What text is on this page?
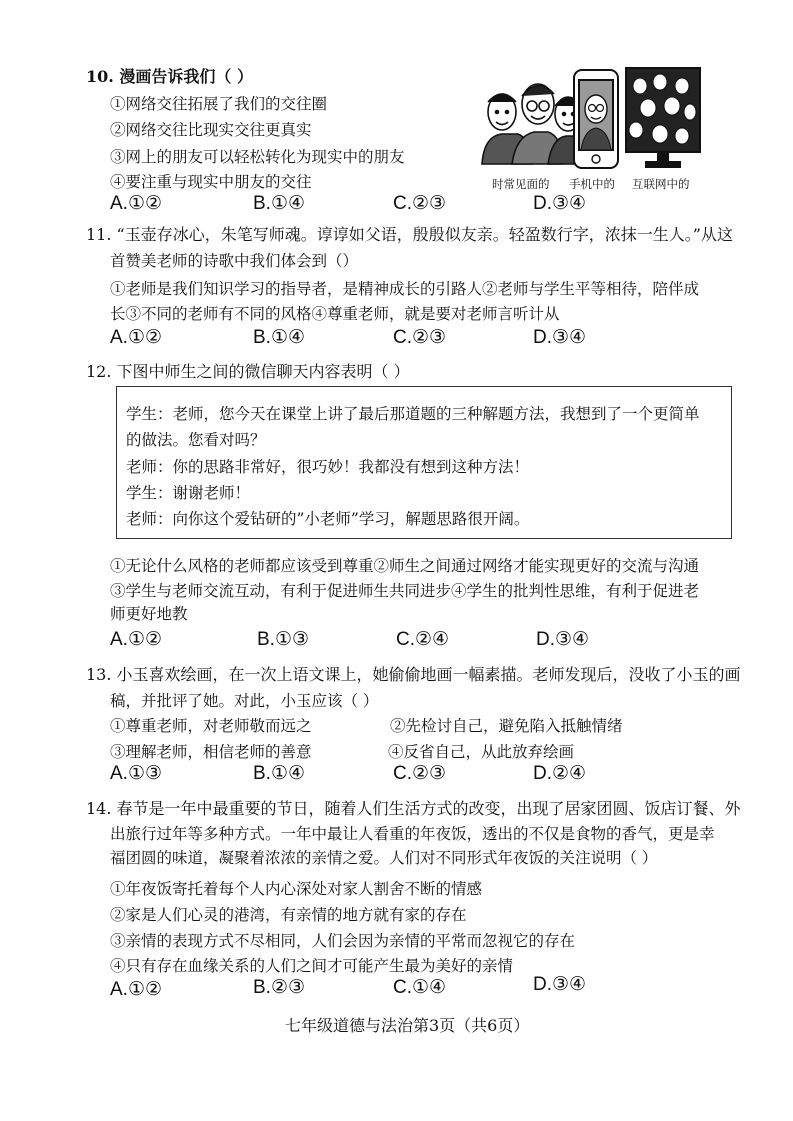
10. 漫画告诉我们（ ）
①网络交往拓展了我们的交往圈
②网络交往比现实交往更真实
③网上的朋友可以轻松转化为现实中的朋友
④要注重与现实中朋友的交往
A.①②	B.①④	C.②③	D.③④
时常见面的 手机中的 互联网中的
11. “玉壶存冰心，朱笔写师魂。谆谆如父语，殷殷似友亲。轻盈数行字，浓抹一生人。”从这
首赞美老师的诗歌中我们体会到（）
①老师是我们知识学习的指导者，是精神成长的引路人②老师与学生平等相待，陪伴成
长③不同的老师有不同的风格④尊重老师，就是要对老师言听计从
A.①②	B.①④	C.②③	D.③④
12. 下图中师生之间的微信聊天内容表明（ ）
学生：老师，您今天在课堂上讲了最后那道题的三种解题方法，我想到了一个更简单
的做法。您看对吗？
老师：你的思路非常好，很巧妙！我都没有想到这种方法！
学生：谢谢老师！
老师：向你这个爱钻研的”小老师”学习，解题思路很开阔。
①无论什么风格的老师都应该受到尊重②师生之间通过网络才能实现更好的交流与沟通
③学生与老师交流互动，有利于促进师生共同进步④学生的批判性思维，有利于促进老
师更好地教
A.①②	B.①③	C.②④	D.③④
13. 小玉喜欢绘画，在一次上语文课上，她偷偷地画一幅素描。老师发现后，没收了小玉的画
稿，并批评了她。对此，小玉应该（ ）
①尊重老师，对老师敬而远之	②先检讨自己，避免陷入抵触情绪
③理解老师，相信老师的善意	④反省自己，从此放弃绘画
A.①③	B.①④	C.②③	D.②④
14. 春节是一年中最重要的节日，随着人们生活方式的改变，出现了居家团圆、饭店订餐、外
出旅行过年等多种方式。一年中最让人看重的年夜饭，透出的不仅是食物的香气，更是幸
福团圆的味道，凝聚着浓浓的亲情之爱。人们对不同形式年夜饭的关注说明（ ）
①年夜饭寄托着每个人内心深处对家人割舍不断的情感
②家是人们心灵的港湾，有亲情的地方就有家的存在
③亲情的表现方式不尽相同，人们会因为亲情的平常而忽视它的存在
④只有存在血缘关系的人们之间才可能产生最为美好的亲情
A.①②	B.②③	C.①④	D.③④
七年级道德与法治第3页（共6页）
